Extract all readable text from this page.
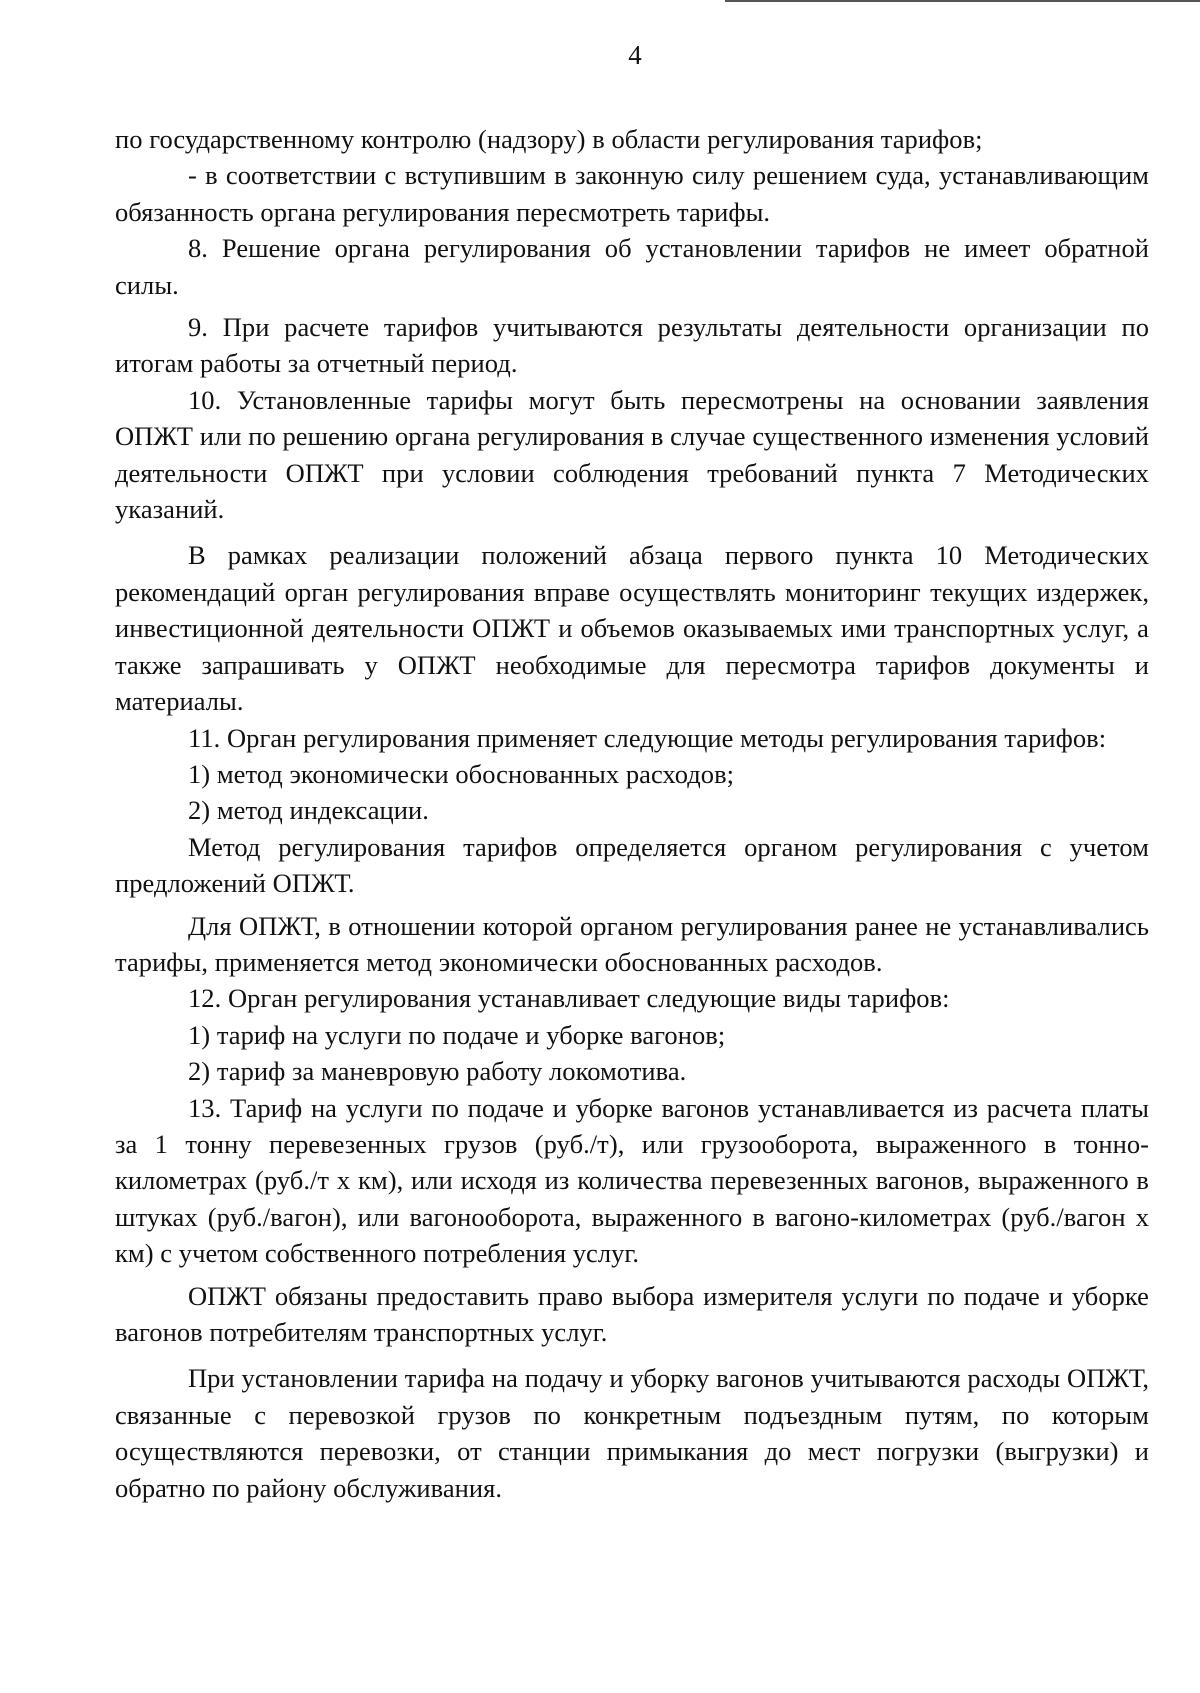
4

по государственному контролю (надзору) в области регулирования тарифов;

- в соответствии с вступившим в законную силу решением суда, устанавливающим обязанность органа регулирования пересмотреть тарифы.

8. Решение органа регулирования об установлении тарифов не имеет обратной силы.

9. При расчете тарифов учитываются результаты деятельности организации по итогам работы за отчетный период.

10. Установленные тарифы могут быть пересмотрены на основании заявления ОПЖТ или по решению органа регулирования в случае существенного изменения условий деятельности ОПЖТ при условии соблюдения требований пункта 7 Методических указаний.

В рамках реализации положений абзаца первого пункта 10 Методических рекомендаций орган регулирования вправе осуществлять мониторинг текущих издержек, инвестиционной деятельности ОПЖТ и объемов оказываемых ими транспортных услуг, а также запрашивать у ОПЖТ необходимые для пересмотра тарифов документы и материалы.

11. Орган регулирования применяет следующие методы регулирования тарифов:

1) метод экономически обоснованных расходов;

2) метод индексации.

Метод регулирования тарифов определяется органом регулирования с учетом предложений ОПЖТ.

Для ОПЖТ, в отношении которой органом регулирования ранее не устанавливались тарифы, применяется метод экономически обоснованных расходов.

12. Орган регулирования устанавливает следующие виды тарифов:

1) тариф на услуги по подаче и уборке вагонов;

2) тариф за маневровую работу локомотива.

13. Тариф на услуги по подаче и уборке вагонов устанавливается из расчета платы за 1 тонну перевезенных грузов (руб./т), или грузооборота, выраженного в тонно-километрах (руб./т х км), или исходя из количества перевезенных вагонов, выраженного в штуках (руб./вагон), или вагонооборота, выраженного в вагоно-километрах (руб./вагон х км) с учетом собственного потребления услуг.

ОПЖТ обязаны предоставить право выбора измерителя услуги по подаче и уборке вагонов потребителям транспортных услуг.

При установлении тарифа на подачу и уборку вагонов учитываются расходы ОПЖТ, связанные с перевозкой грузов по конкретным подъездным путям, по которым осуществляются перевозки, от станции примыкания до мест погрузки (выгрузки) и обратно по району обслуживания.
